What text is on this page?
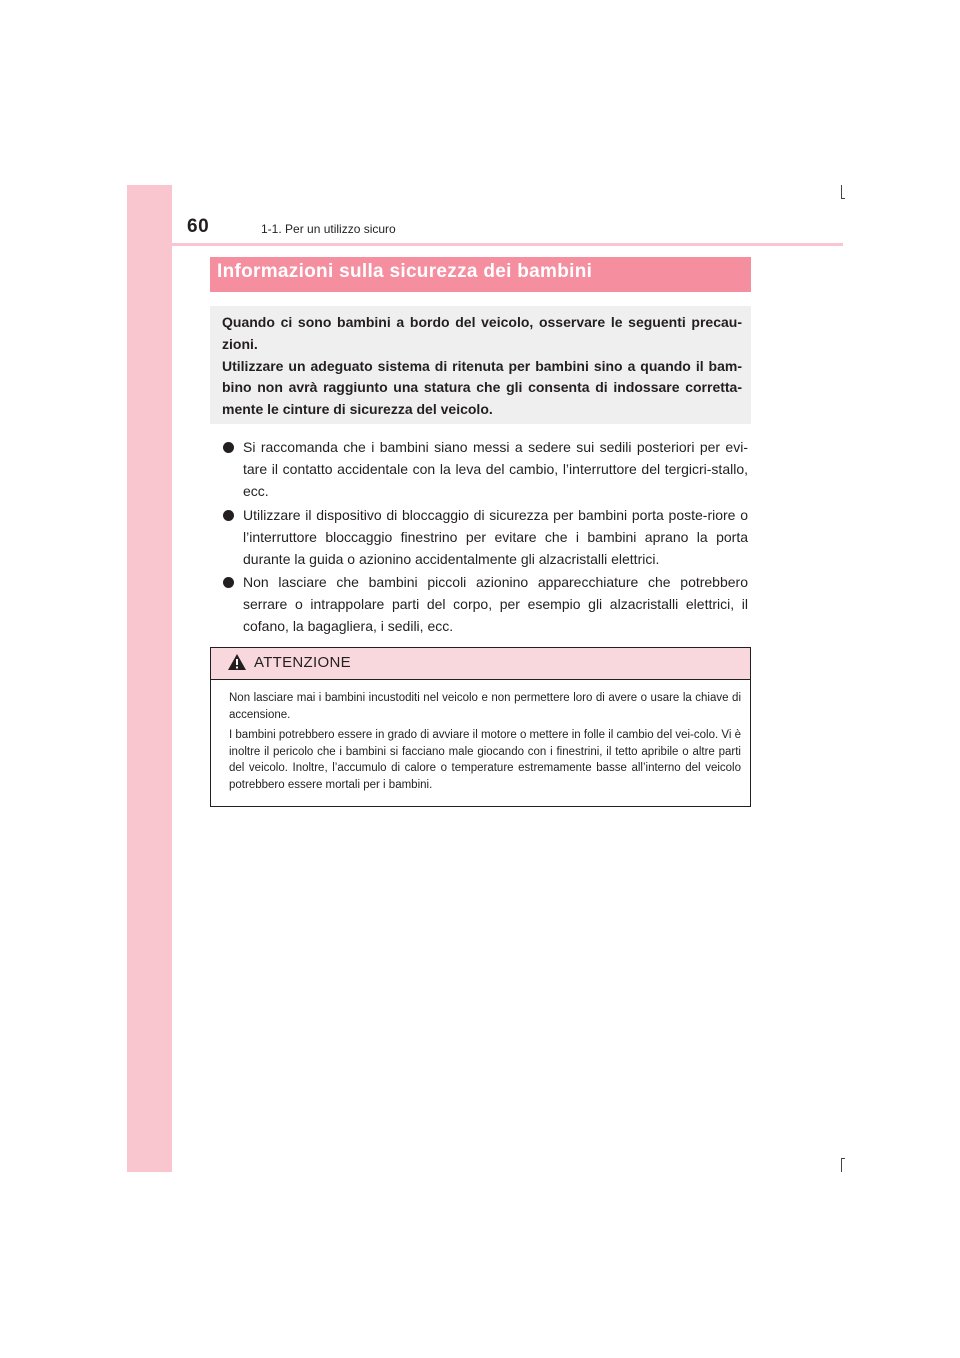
60	1-1. Per un utilizzo sicuro
Informazioni sulla sicurezza dei bambini

Quando ci sono bambini a bordo del veicolo, osservare le seguenti precau-zioni.

Utilizzare un adeguato sistema di ritenuta per bambini sino a quando il bam-bino non avrà raggiunto una statura che gli consenta di indossare corretta-mente le cinture di sicurezza del veicolo.

Si raccomanda che i bambini siano messi a sedere sui sedili posteriori per evi-tare il contatto accidentale con la leva del cambio, l’interruttore del tergicri-stallo, ecc.
Utilizzare il dispositivo di bloccaggio di sicurezza per bambini porta poste-riore o l’interruttore bloccaggio finestrino per evitare che i bambini aprano la porta durante la guida o azionino accidentalmente gli alzacristalli elettrici.
Non lasciare che bambini piccoli azionino apparecchiature che potrebbero serrare o intrappolare parti del corpo, per esempio gli alzacristalli elettrici, il cofano, la bagagliera, i sedili, ecc.
ATTENZIONE

Non lasciare mai i bambini incustoditi nel veicolo e non permettere loro di avere o usare la chiave di accensione.

I bambini potrebbero essere in grado di avviare il motore o mettere in folle il cambio del vei-colo. Vi è inoltre il pericolo che i bambini si facciano male giocando con i finestrini, il tetto apribile o altre parti del veicolo. Inoltre, l’accumulo di calore o temperature estremamente basse all’interno del veicolo potrebbero essere mortali per i bambini.
